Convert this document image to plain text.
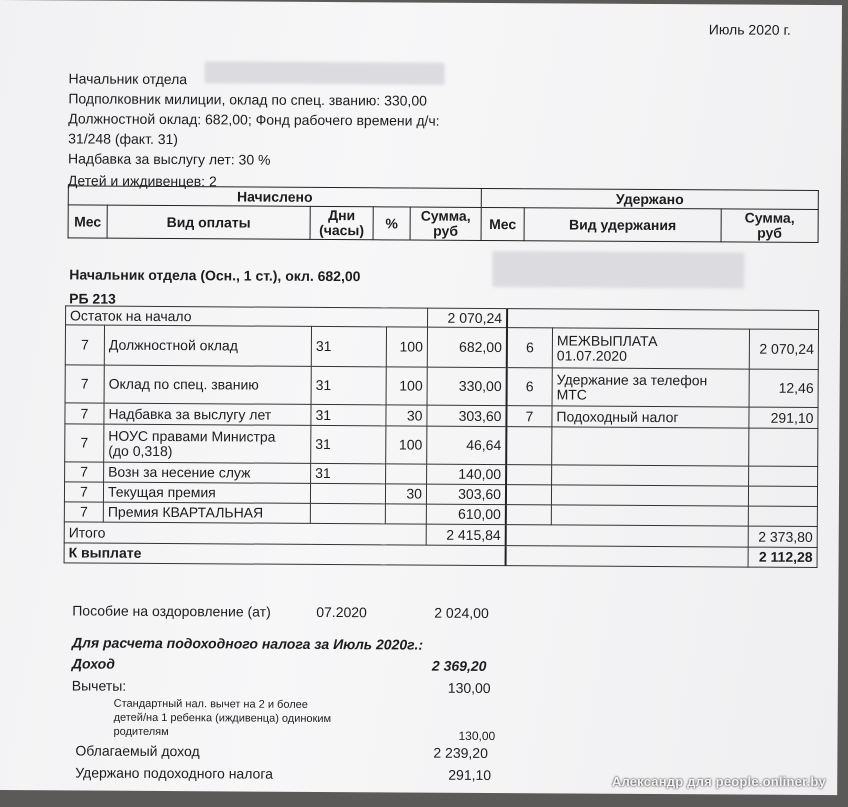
Июль 2020 г.
Начальник отдела
Подполковник милиции, оклад по спец. званию: 330,00
Должностной оклад: 682,00; Фонд рабочего времени д/ч:
31/248 (факт. 31)
Надбавка за выслугу лет: 30 %
Детей и иждивенцев: 2
Начислено					Удержано		
Мес	Вид оплаты	Дни
(часы)	%	Сумма,
руб	Мес	Вид удержания	Сумма,
руб
Начальник отдела (Осн., 1 ст.), окл. 682,00
РБ 213
Остаток на начало				2 070,24			
7	Должностной оклад	31	100	682,00	6	МЕЖВЫПЛАТА
01.07.2020	2 070,24
7	Оклад по спец. званию	31	100	330,00	6	Удержание за телефон
МТС	12,46
7	Надбавка за выслугу лет	31	30	303,60	7	Подоходный налог	291,10
7	НОУС правами Министра
(до 0,318)	31	100	46,64			
7	Возн за несение служ	31		140,00			
7	Текущая премия		30	303,60			
7	Премия КВАРТАЛЬНАЯ			610,00			
Итого				2 415,84			2 373,80
К выплате							2 112,28
Пособие на оздоровление (ат)	07.2020	2 024,00
Для расчета подоходного налога за Июль 2020г.:
Доход	2 369,20
Вычеты:	130,00
Стандартный нал. вычет на 2 и более
детей/на 1 ребенка (иждивенца) одиноким
родителям	130,00
Облагаемый доход	2 239,20
Удержано подоходного налога	291,10	Александр для people.onliner.by
